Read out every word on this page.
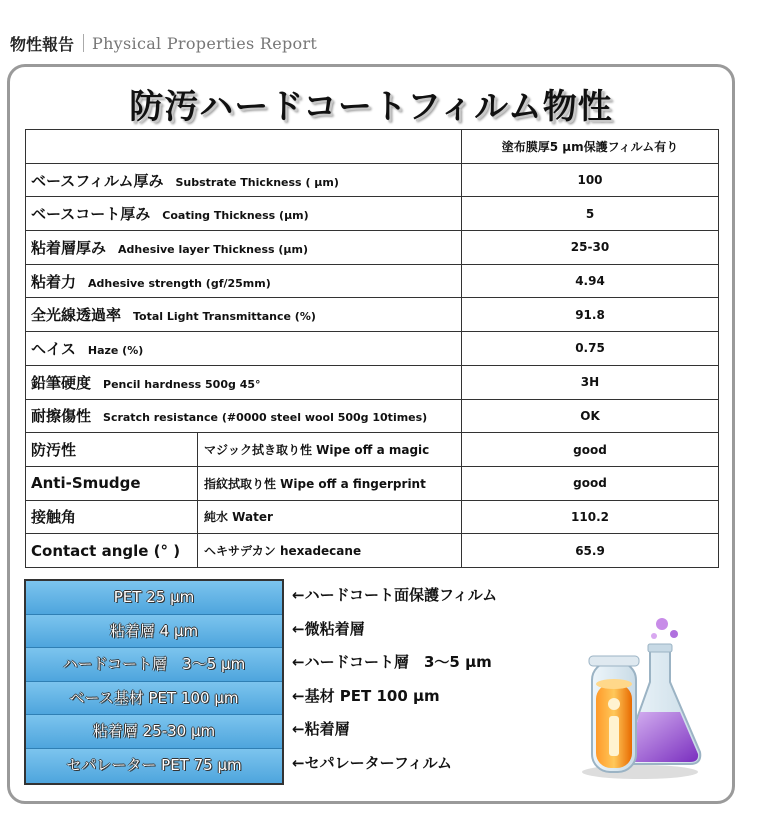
物性報告 Physical Properties Report
防汚ハードコートフィルム物性
		塗布膜厚5 µm保護フィルム有り
ベースフィルム厚み Substrate Thickness ( µm)		100
ベースコート厚み Coating Thickness (µm)		5
粘着層厚み Adhesive layer Thickness (µm)		25-30
粘着力 Adhesive strength (gf/25mm)		4.94
全光線透過率 Total Light Transmittance (%)		91.8
ヘイス Haze (%)		0.75
鉛筆硬度 Pencil hardness 500g 45°		3H
耐擦傷性 Scratch resistance (#0000 steel wool 500g 10times)		OK
防汚性	マジック拭き取り性 Wipe off a magic	good
Anti-Smudge	指紋拭取り性 Wipe off a fingerprint	good
接触角	純水 Water	110.2
Contact angle (° )	ヘキサデカン hexadecane	65.9
PET 25 µm
粘着層 4 µm
ハードコート層　3～5 µm
ベース基材 PET 100 µm
粘着層 25-30 µm
セパレーター PET 75 µm
←ハードコート面保護フィルム
←微粘着層
←ハードコート層　3～5 µm
←基材 PET 100 µm
←粘着層
←セパレーターフィルム
